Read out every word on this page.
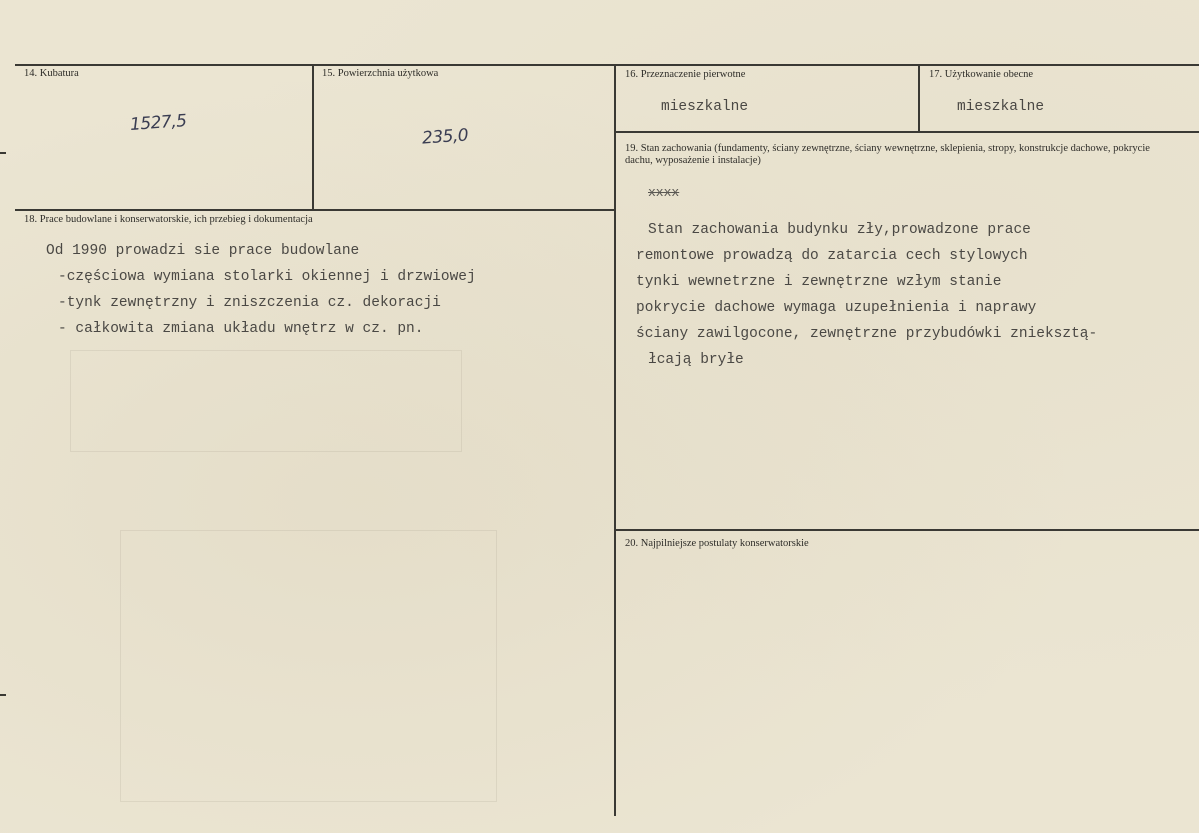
14. Kubatura
1527,5
15. Powierzchnia użytkowa
235,0
16. Przeznaczenie pierwotne
mieszkalne
17. Użytkowanie obecne
mieszkalne
18. Prace budowlane i konserwatorskie, ich przebieg i dokumentacja
Od 1990 prowadzi sie prace budowlane
-częściowa wymiana stolarki okiennej i drzwiowej
-tynk zewnętrzny i zniszczenia cz. dekoracji
- całkowita zmiana układu wnętrz w cz. pn.
19. Stan zachowania (fundamenty, ściany zewnętrzne, ściany wewnętrzne, sklepienia, stropy, konstrukcje dachowe, pokrycie dachu, wyposażenie i instalacje)
xxxx
Stan zachowania budynku zły,prowadzone prace
remontowe prowadzą do zatarcia cech stylowych
tynki wewnetrzne i zewnętrzne wzłym stanie
pokrycie dachowe wymaga uzupełnienia i naprawy
ściany zawilgocone, zewnętrzne przybudówki znieksztą-
łcają bryłe
20. Najpilniejsze postulaty konserwatorskie
